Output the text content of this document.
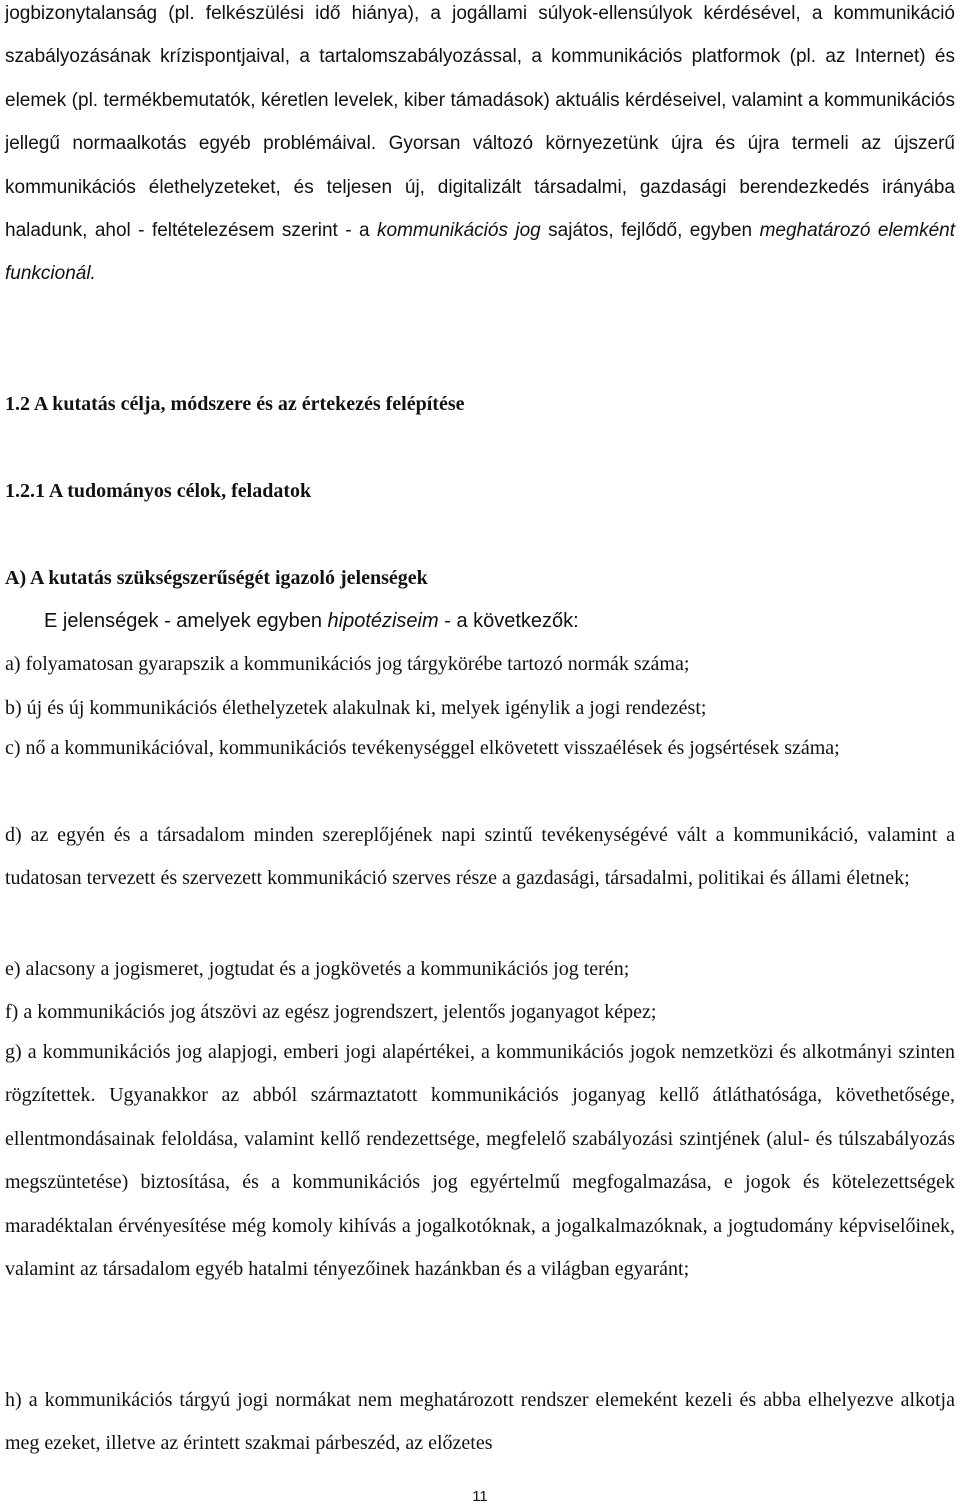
jogbizonytalanság (pl. felkészülési idő hiánya), a jogállami súlyok-ellensúlyok kérdésével, a kommunikáció szabályozásának krízispontjaival, a tartalomszabályozással, a kommunikációs platformok (pl. az Internet) és elemek (pl. termékbemutatók, kéretlen levelek, kiber támadások) aktuális kérdéseivel, valamint a kommunikációs jellegű normaalkotás egyéb problémáival. Gyorsan változó környezetünk újra és újra termeli az újszerű kommunikációs élethelyzeteket, és teljesen új, digitalizált társadalmi, gazdasági berendezkedés irányába haladunk, ahol - feltételezésem szerint - a kommunikációs jog sajátos, fejlődő, egyben meghatározó elemként funkcionál.

1.2 A kutatás célja, módszere és az értekezés felépítése
1.2.1 A tudományos célok, feladatok
A) A kutatás szükségszerűségét igazoló jelenségek

E jelenségek - amelyek egyben hipotéziseim - a következők:

a) folyamatosan gyarapszik a kommunikációs jog tárgykörébe tartozó normák száma;

b) új és új kommunikációs élethelyzetek alakulnak ki, melyek igénylik a jogi rendezést;

c) nő a kommunikációval, kommunikációs tevékenységgel elkövetett visszaélések és jogsértések száma;

d) az egyén és a társadalom minden szereplőjének napi szintű tevékenységévé vált a kommunikáció, valamint a tudatosan tervezett és szervezett kommunikáció szerves része a gazdasági, társadalmi, politikai és állami életnek;

e) alacsony a jogismeret, jogtudat és a jogkövetés a kommunikációs jog terén;

f) a kommunikációs jog átszövi az egész jogrendszert, jelentős joganyagot képez;

g) a kommunikációs jog alapjogi, emberi jogi alapértékei, a kommunikációs jogok nemzetközi és alkotmányi szinten rögzítettek. Ugyanakkor az abból származtatott kommunikációs joganyag kellő átláthatósága, követhetősége, ellentmondásainak feloldása, valamint kellő rendezettsége, megfelelő szabályozási szintjének (alul- és túlszabályozás megszüntetése) biztosítása, és a kommunikációs jog egyértelmű megfogalmazása, e jogok és kötelezettségek maradéktalan érvényesítése még komoly kihívás a jogalkotóknak, a jogalkalmazóknak, a jogtudomány képviselőinek, valamint az társadalom egyéb hatalmi tényezőinek hazánkban és a világban egyaránt;

h) a kommunikációs tárgyú jogi normákat nem meghatározott rendszer elemeként kezeli és abba elhelyezve alkotja meg ezeket, illetve az érintett szakmai párbeszéd, az előzetes

11
